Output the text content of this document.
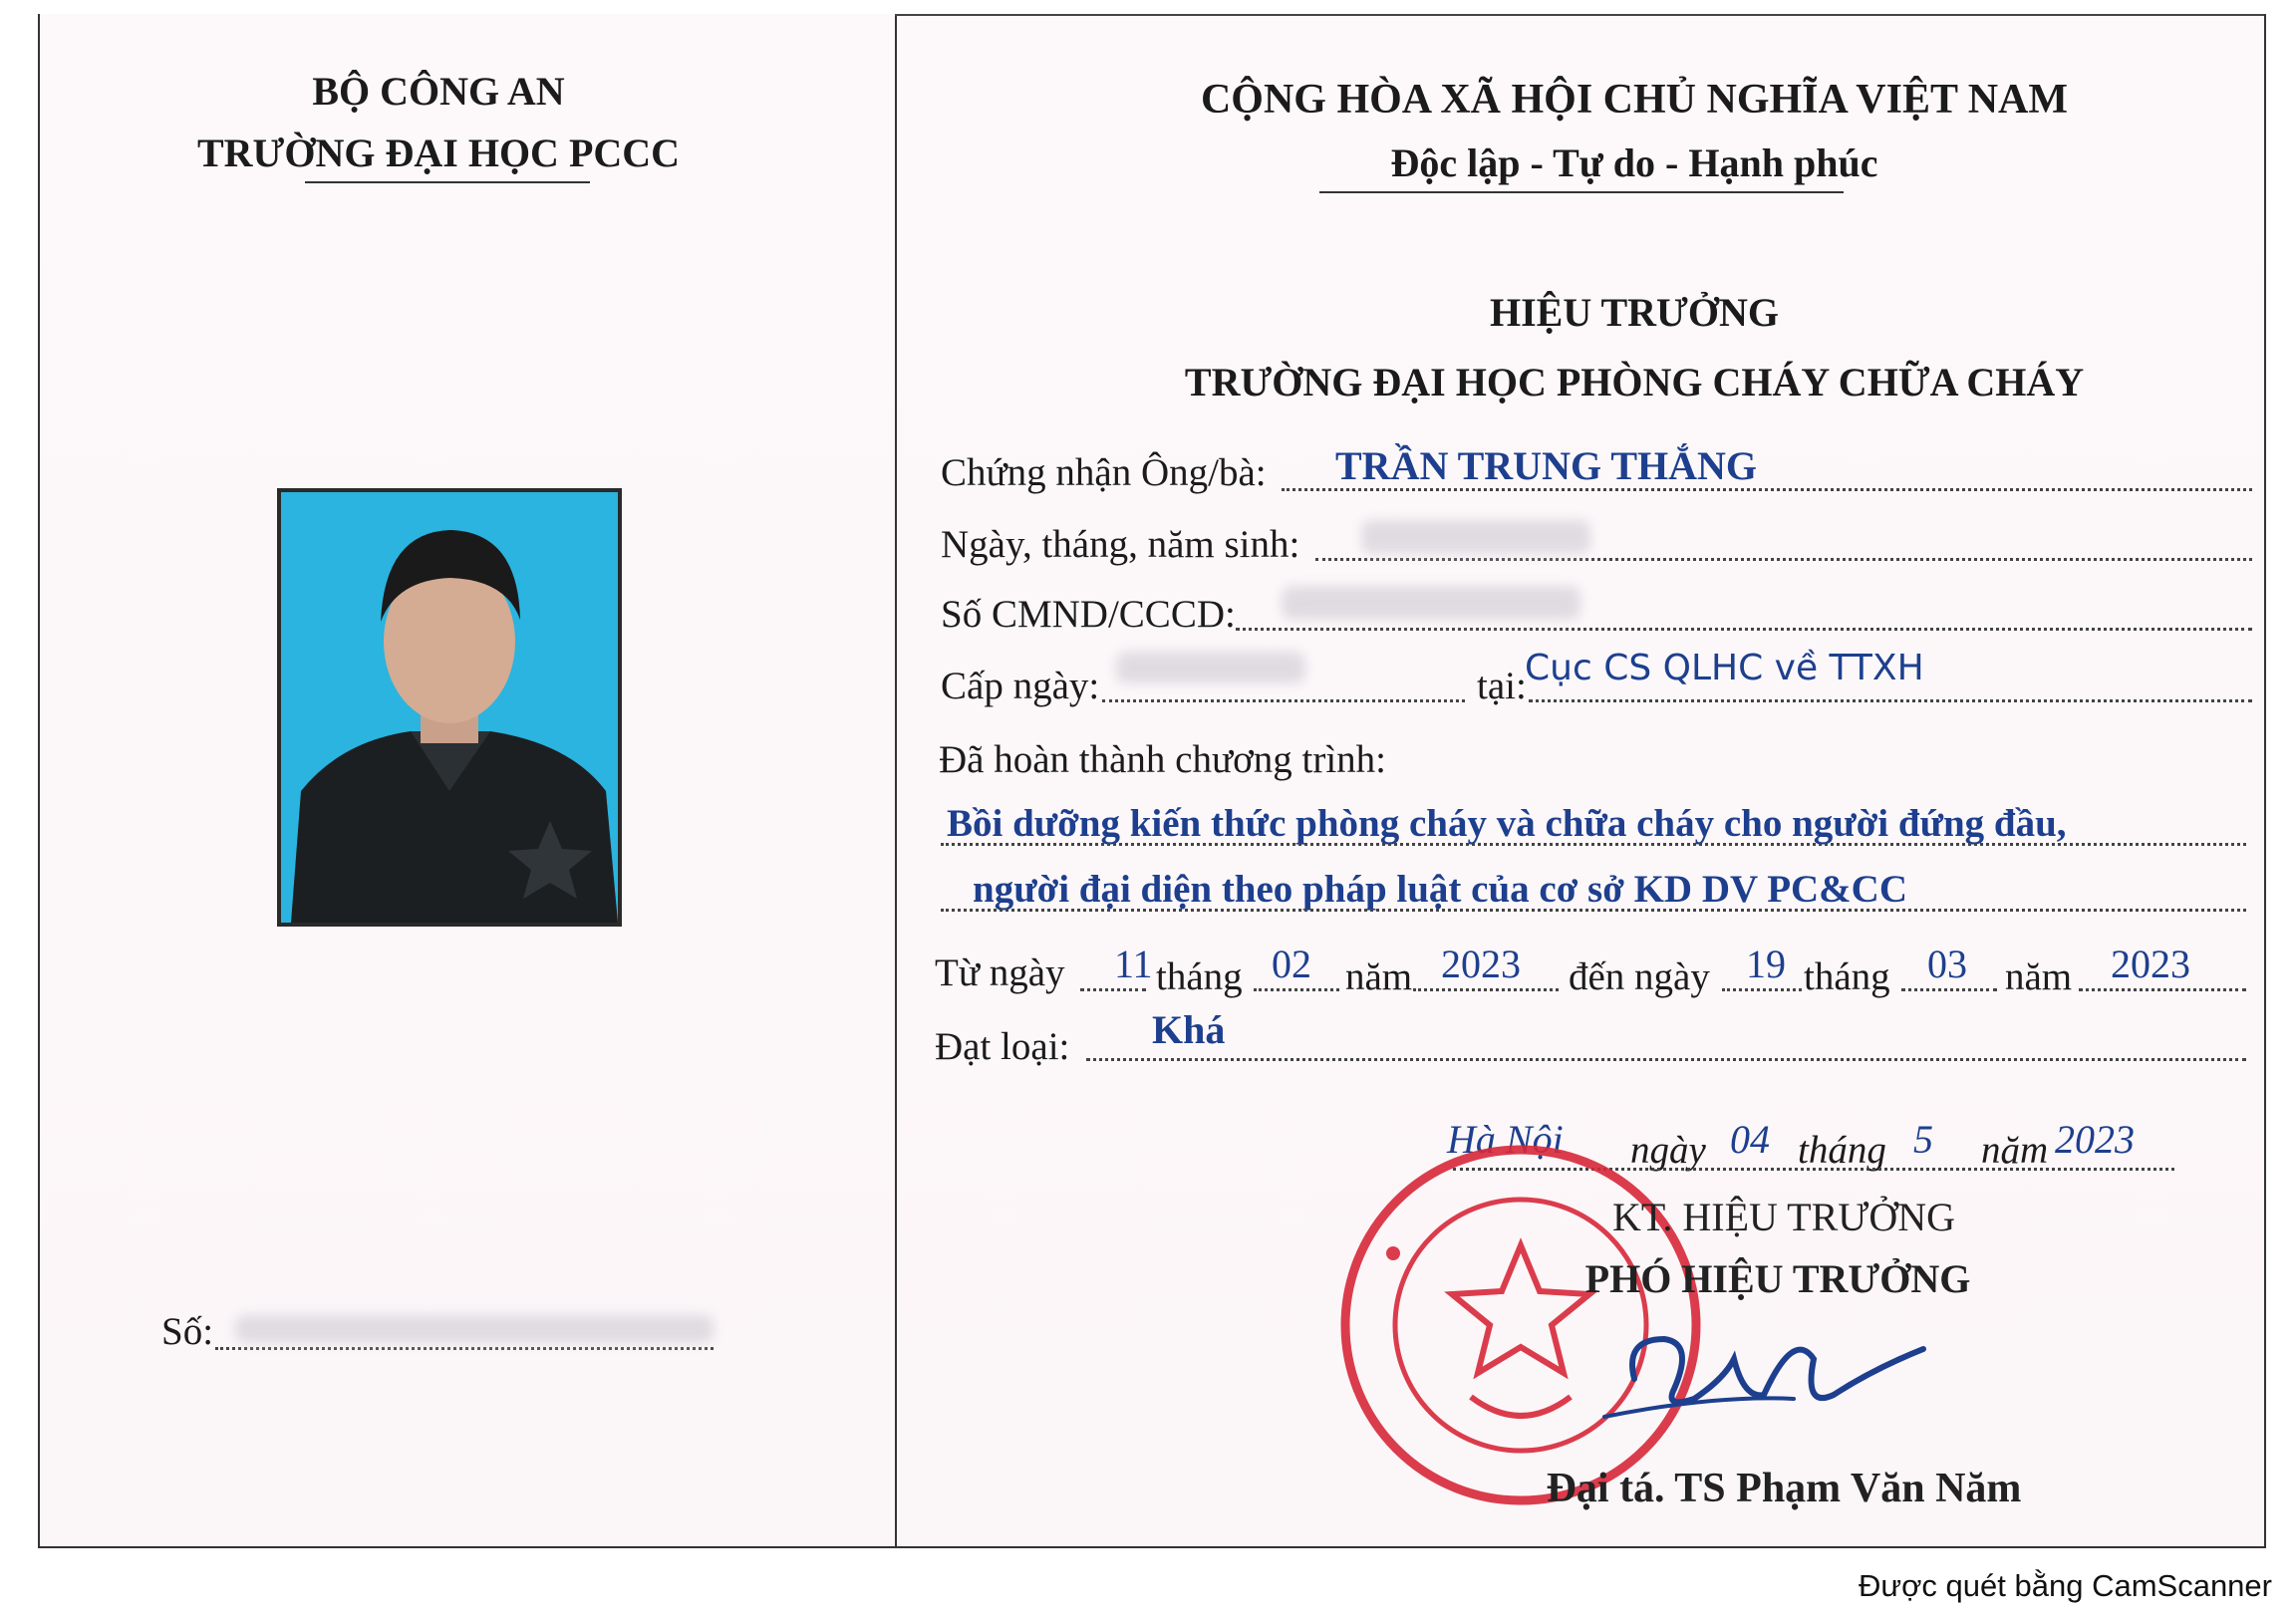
BỘ CÔNG AN
TRƯỜNG ĐẠI HỌC PCCC
Số:
CỘNG HÒA XÃ HỘI CHỦ NGHĨA VIỆT NAM
Độc lập - Tự do - Hạnh phúc
HIỆU TRƯỞNG
TRƯỜNG ĐẠI HỌC PHÒNG CHÁY CHỮA CHÁY
Chứng nhận Ông/bà: TRẦN TRUNG THẮNG
Ngày, tháng, năm sinh:
Số CMND/CCCD:
Cấp ngày:	tại:
Cục CS QLHC về TTXH
Đã hoàn thành chương trình:
Bồi dưỡng kiến thức phòng cháy và chữa cháy cho người đứng đầu,
người đại diện theo pháp luật của cơ sở KD DV PC&CC
Từ ngày 11 tháng 02 năm 2023 đến ngày 19 tháng 03 năm 2023
Đạt loại: Khá
Hà Nội ngày 04 tháng 5 năm 2023
KT. HIỆU TRƯỞNG
PHÓ HIỆU TRƯỞNG
Đại tá. TS Phạm Văn Năm
Được quét bằng CamScanner
